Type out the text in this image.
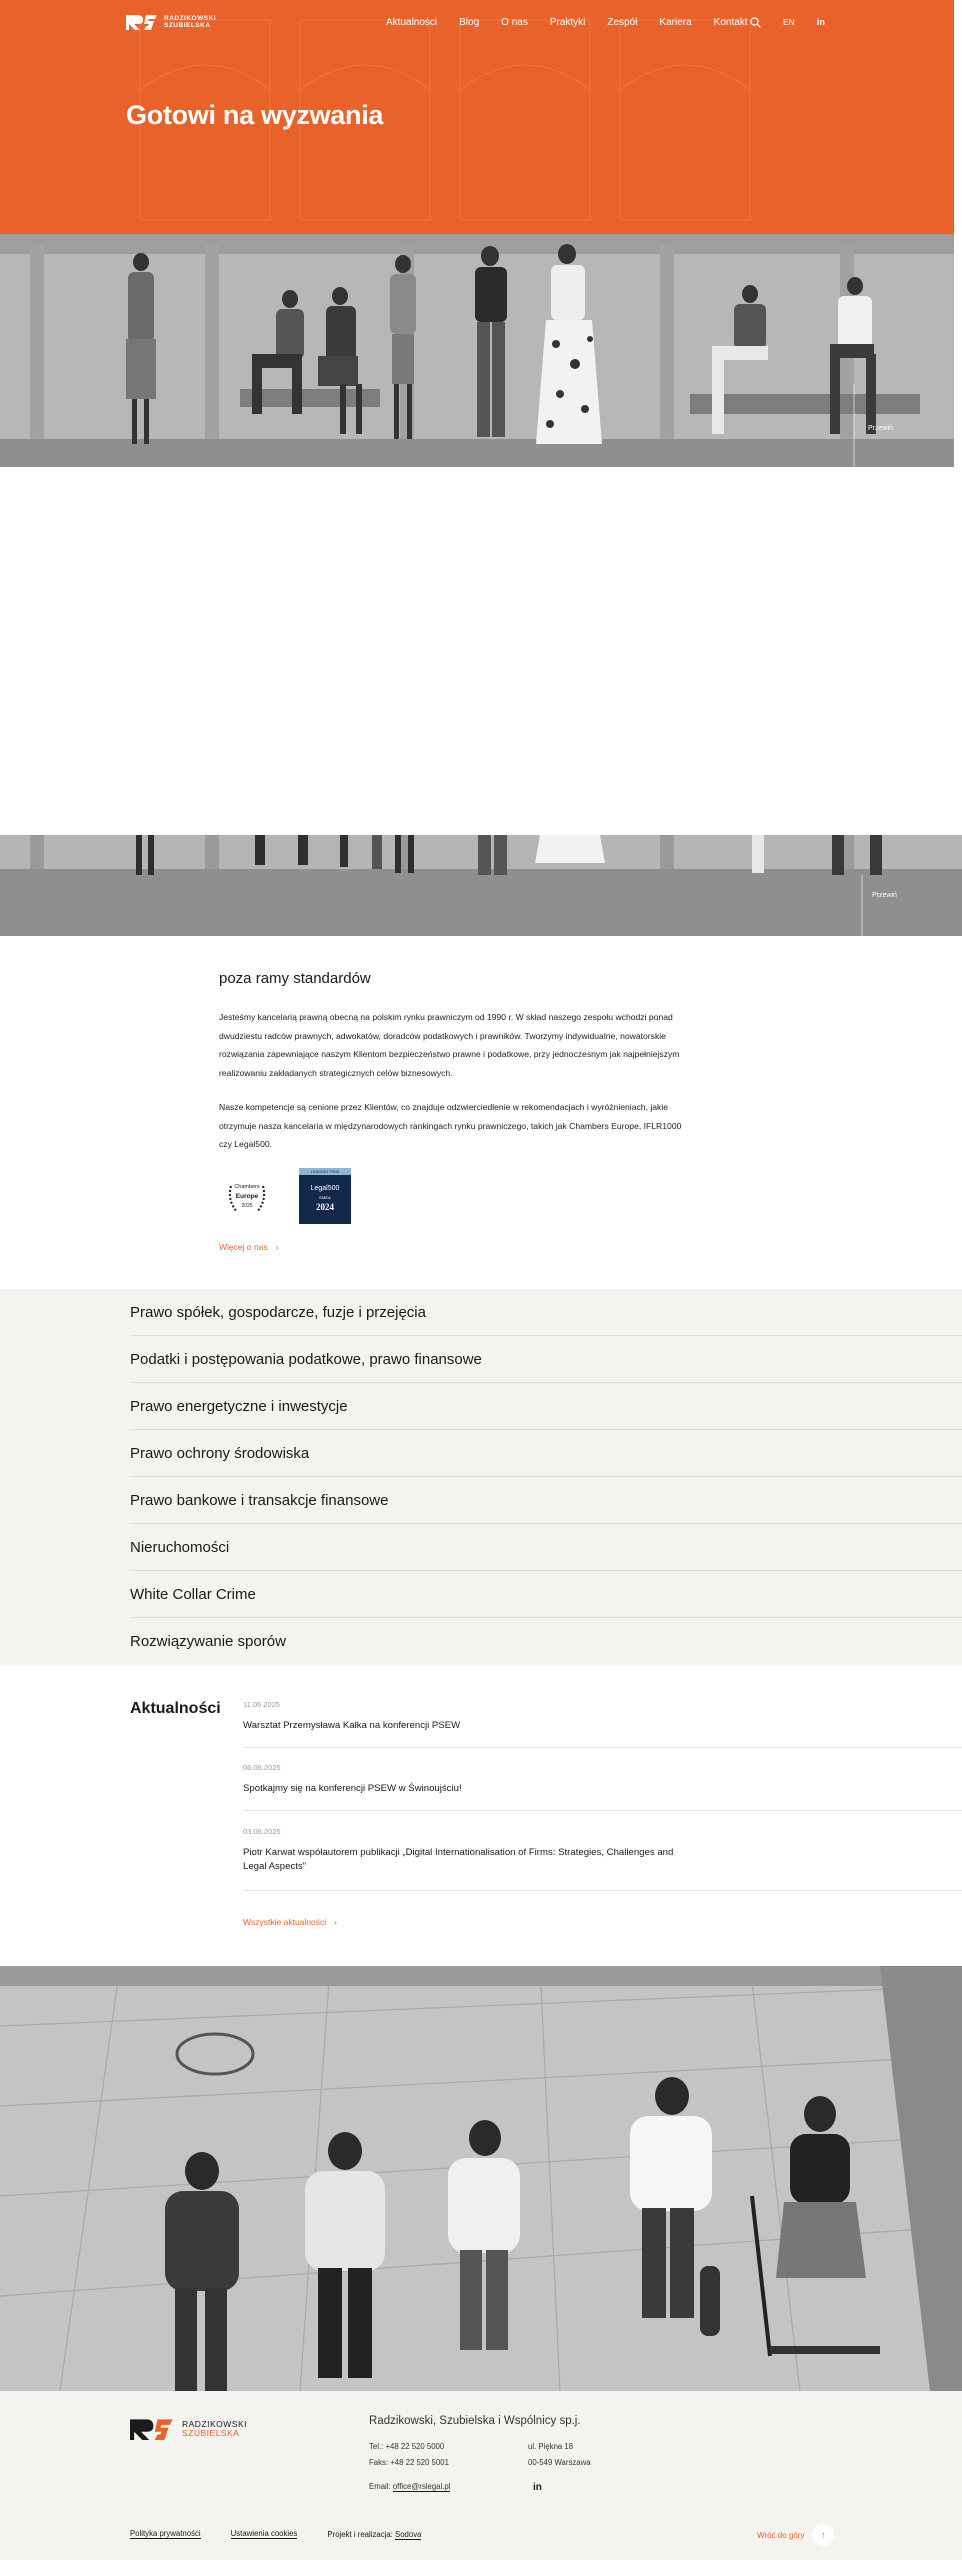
RADZIKOWSKI
SZUBIELSKA	Aktualności Blog O nas Praktyki Zespół Kariera Kontakt	EN in
Gotowi na wyzwania
Przewiń
Przewiń
poza ramy standardów

Jesteśmy kancelarią prawną obecną na polskim rynku prawniczym od 1990 r. W skład naszego zespołu wchodzi ponad dwudziestu radców prawnych, adwokatów, doradców podatkowych i prawników. Tworzymy indywidualne, nowatorskie rozwiązania zapewniające naszym Klientom bezpieczeństwo prawne i podatkowe, przy jednoczesnym jak najpełniejszym realizowaniu zakładanych strategicznych celów biznesowych.

Nasze kompetencje są cenione przez Klientów, co znajduje odzwierciedlenie w rekomendacjach i wyróżnieniach, jakie otrzymuje nasza kancelaria w międzynarodowych rankingach rynku prawniczego, takich jak Chambers Europe, IFLR1000 czy Legal500.

Chambers
Europe
2025
LEADING FIRM
Legal500
EMEA
2024
Więcej o nas ›
Prawo spółek, gospodarcze, fuzje i przejęcia
Podatki i postępowania podatkowe, prawo finansowe
Prawo energetyczne i inwestycje
Prawo ochrony środowiska
Prawo bankowe i transakcje finansowe
Nieruchomości
White Collar Crime
Rozwiązywanie sporów
Aktualności	11.06.2025
Warsztat Przemysława Kałka na konferencji PSEW
06.06.2025
Spotkajmy się na konferencji PSEW w Świnoujściu!
03.06.2025
Piotr Karwat współautorem publikacji „Digital Internationalisation of Firms: Strategies, Challenges and Legal Aspects”
Wszystkie aktualności ›
RADZIKOWSKI
SZUBIELSKA
Radzikowski, Szubielska i Wspólnicy sp.j.
Tel.: +48 22 520 5000
Faks: +48 22 520 5001
ul. Piękna 18
00-549 Warszawa
Email: office@rslegal.pl	in
Polityka prywatności	Ustawienia cookies	Projekt i realizacja: Sodova	Wróć do góry	↑
